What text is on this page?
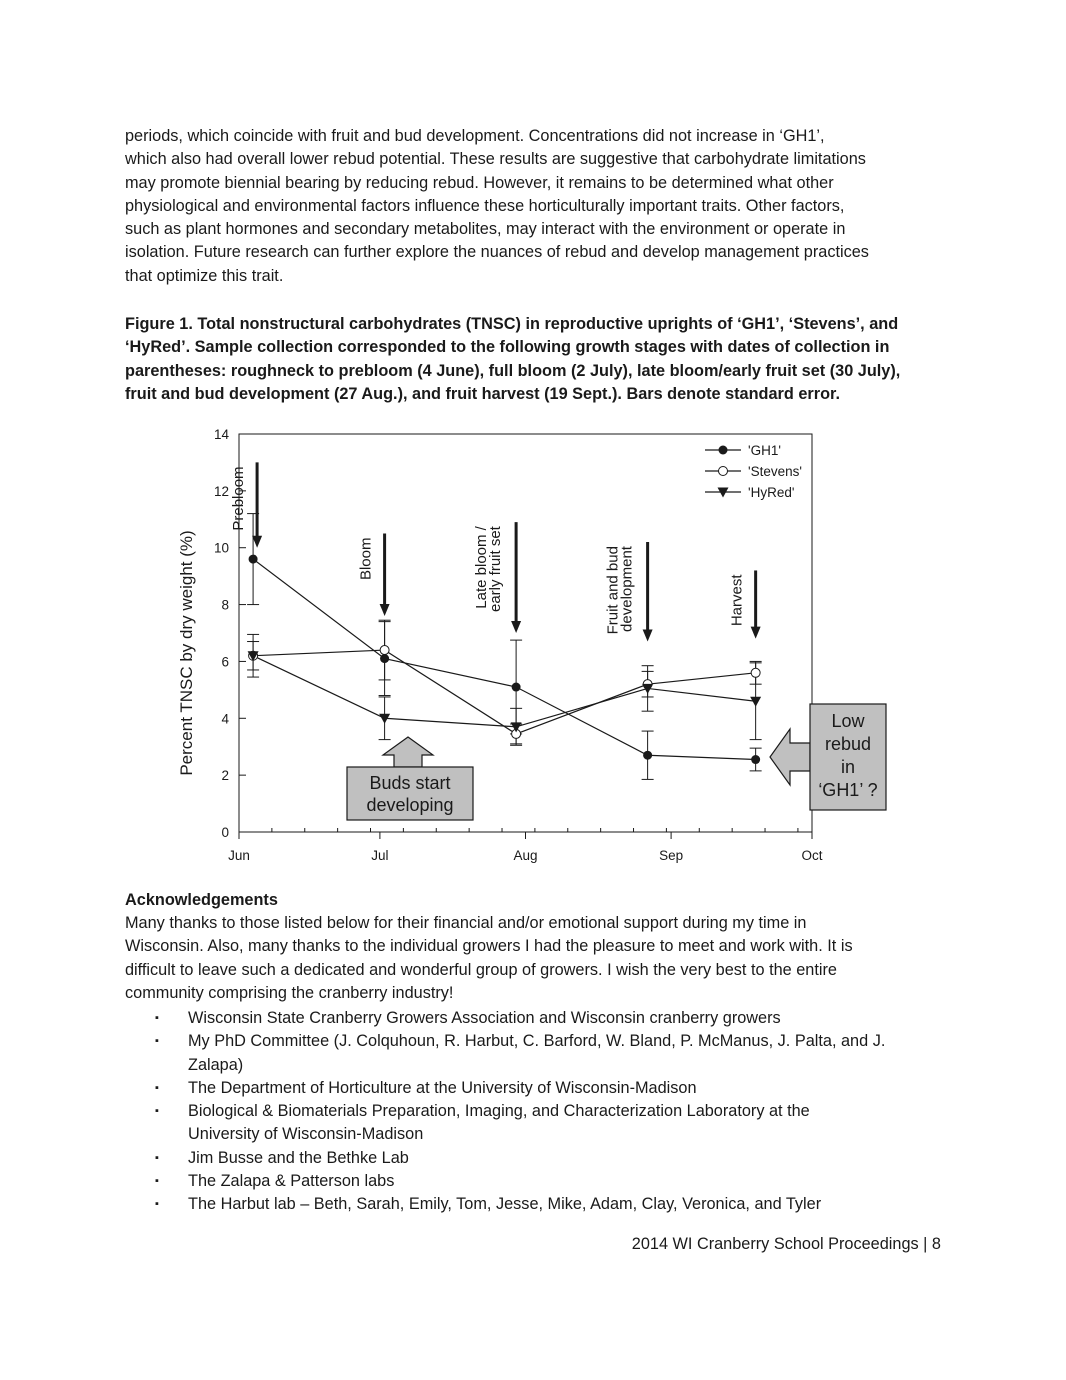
periods, which coincide with fruit and bud development. Concentrations did not increase in ‘GH1’,
which also had overall lower rebud potential. These results are suggestive that carbohydrate limitations
may promote biennial bearing by reducing rebud. However, it remains to be determined what other
physiological and environmental factors influence these horticulturally important traits. Other factors,
such as plant hormones and secondary metabolites, may interact with the environment or operate in
isolation. Future research can further explore the nuances of rebud and develop management practices
that optimize this trait.

Figure 1. Total nonstructural carbohydrates (TNSC) in reproductive uprights of ‘GH1’, ‘Stevens’, and
‘HyRed’. Sample collection corresponded to the following growth stages with dates of collection in
parentheses: roughneck to prebloom (4 June), full bloom (2 July), late bloom/early fruit set (30 July),
fruit and bud development (27 Aug.), and fruit harvest (19 Sept.). Bars denote standard error.

0
2
4
6
8
10
12
14
Jun	Jul	Aug	Sep	Oct
Percent TNSC by dry weight (%)
Prebloom
Bloom	Late bloom /
early fruit set	Fruit and bud
development	Harvest
'GH1'
'Stevens'
'HyRed'
Buds start
developing
Low
rebud
in
‘GH1’ ?

Acknowledgements

Many thanks to those listed below for their financial and/or emotional support during my time in
Wisconsin. Also, many thanks to the individual growers I had the pleasure to meet and work with. It is
difficult to leave such a dedicated and wonderful group of growers. I wish the very best to the entire
community comprising the cranberry industry!

▪	Wisconsin State Cranberry Growers Association and Wisconsin cranberry growers
▪	My PhD Committee (J. Colquhoun, R. Harbut, C. Barford, W. Bland, P. McManus, J. Palta, and J.
Zalapa)
▪	The Department of Horticulture at the University of Wisconsin-Madison
▪	Biological & Biomaterials Preparation, Imaging, and Characterization Laboratory at the
University of Wisconsin-Madison
▪	Jim Busse and the Bethke Lab
▪	The Zalapa & Patterson labs
▪	The Harbut lab – Beth, Sarah, Emily, Tom, Jesse, Mike, Adam, Clay, Veronica, and Tyler

2014 WI Cranberry School Proceedings | 8
